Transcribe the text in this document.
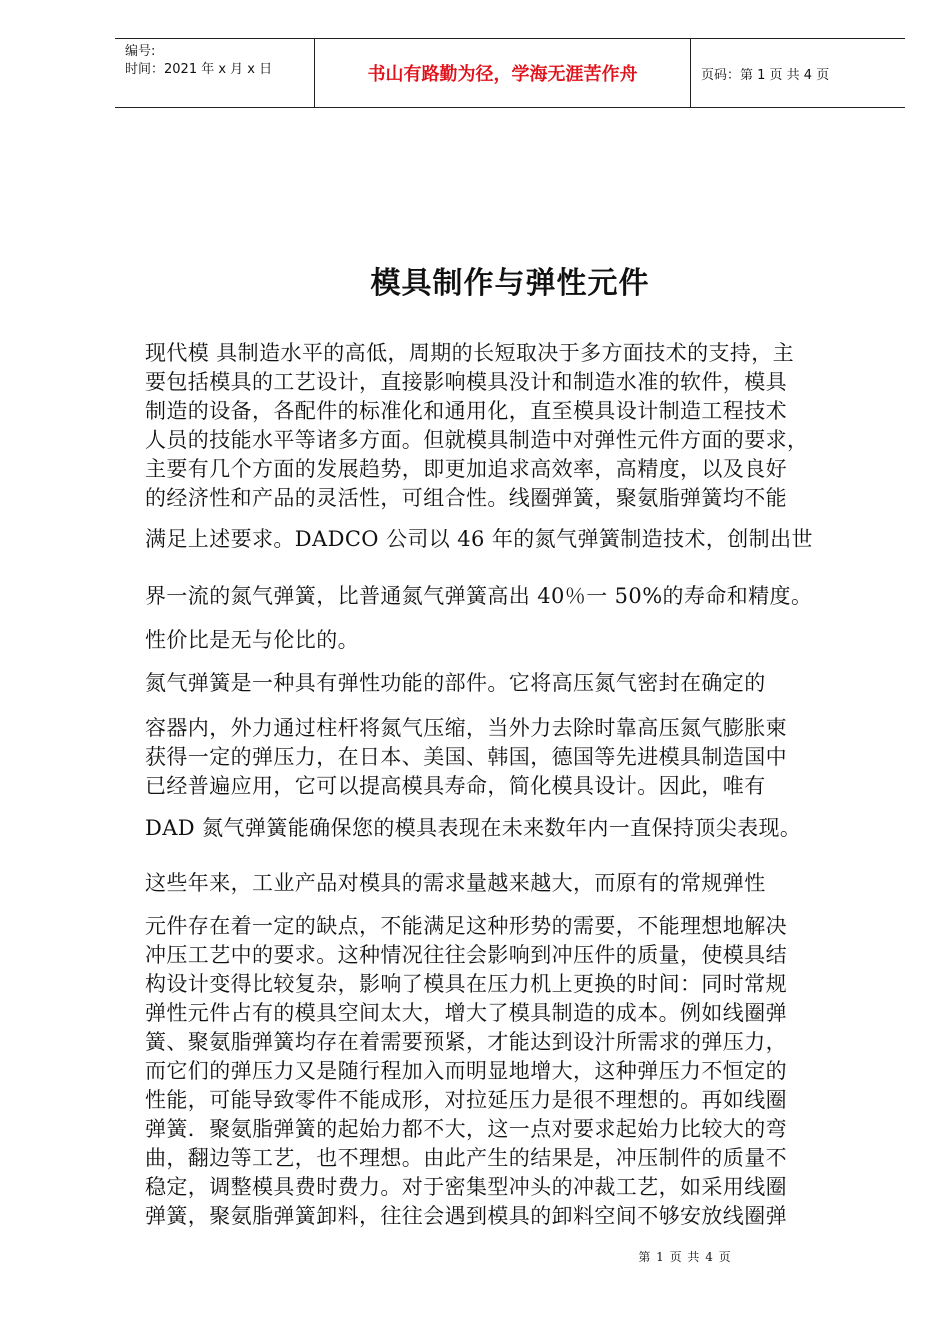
编号:
时间：2021 年 x 月 x 日	书山有路勤为径，学海无涯苦作舟	页码：第 1 页 共 4 页
模具制作与弹性元件
现代模 具制造水平的高低，周期的长短取决于多方面技术的支持，主
要包括模具的工艺设计，直接影响模具没计和制造水准的软件，模具
制造的设备，各配件的标准化和通用化，直至模具设计制造工程技术
人员的技能水平等诸多方面。但就模具制造中对弹性元件方面的要求，
主要有几个方面的发展趋势，即更加追求高效率，高精度，以及良好
的经济性和产品的灵活性，可组合性。线圈弹簧，聚氨脂弹簧均不能
满足上述要求。DADCO 公司以 46 年的氮气弹簧制造技术，创制出世
界一流的氮气弹簧，比普通氮气弹簧高出 40％一 50%的寿命和精度。
性价比是无与伦比的。
氮气弹簧是一种具有弹性功能的部件。它将高压氮气密封在确定的
容器内，外力通过柱杆将氮气压缩，当外力去除时靠高压氮气膨胀柬
获得一定的弹压力，在日本、美国、韩国，德国等先进模具制造国中
已经普遍应用，它可以提高模具寿命，简化模具设计。因此，唯有
DAD 氮气弹簧能确保您的模具表现在未来数年内一直保持顶尖表现。
这些年来，工业产品对模具的需求量越来越大，而原有的常规弹性
元件存在着一定的缺点，不能满足这种形势的需要，不能理想地解决
冲压工艺中的要求。这种情况往往会影响到冲压件的质量，使模具结
构设计变得比较复杂，影响了模具在压力机上更换的时间：同时常规
弹性元件占有的模具空间太大，增大了模具制造的成本。例如线圈弹
簧、聚氨脂弹簧均存在着需要预紧，才能达到设汁所需求的弹压力，
而它们的弹压力又是随行程加入而明显地增大，这种弹压力不恒定的
性能，可能导致零件不能成形，对拉延压力是很不理想的。再如线圈
弹簧．聚氨脂弹簧的起始力都不大，这一点对要求起始力比较大的弯
曲，翻边等工艺，也不理想。由此产生的结果是，冲压制件的质量不
稳定，调整模具费时费力。对于密集型冲头的冲裁工艺，如采用线圈
弹簧，聚氨脂弹簧卸料，往往会遇到模具的卸料空间不够安放线圈弹
第 1 页 共 4 页
